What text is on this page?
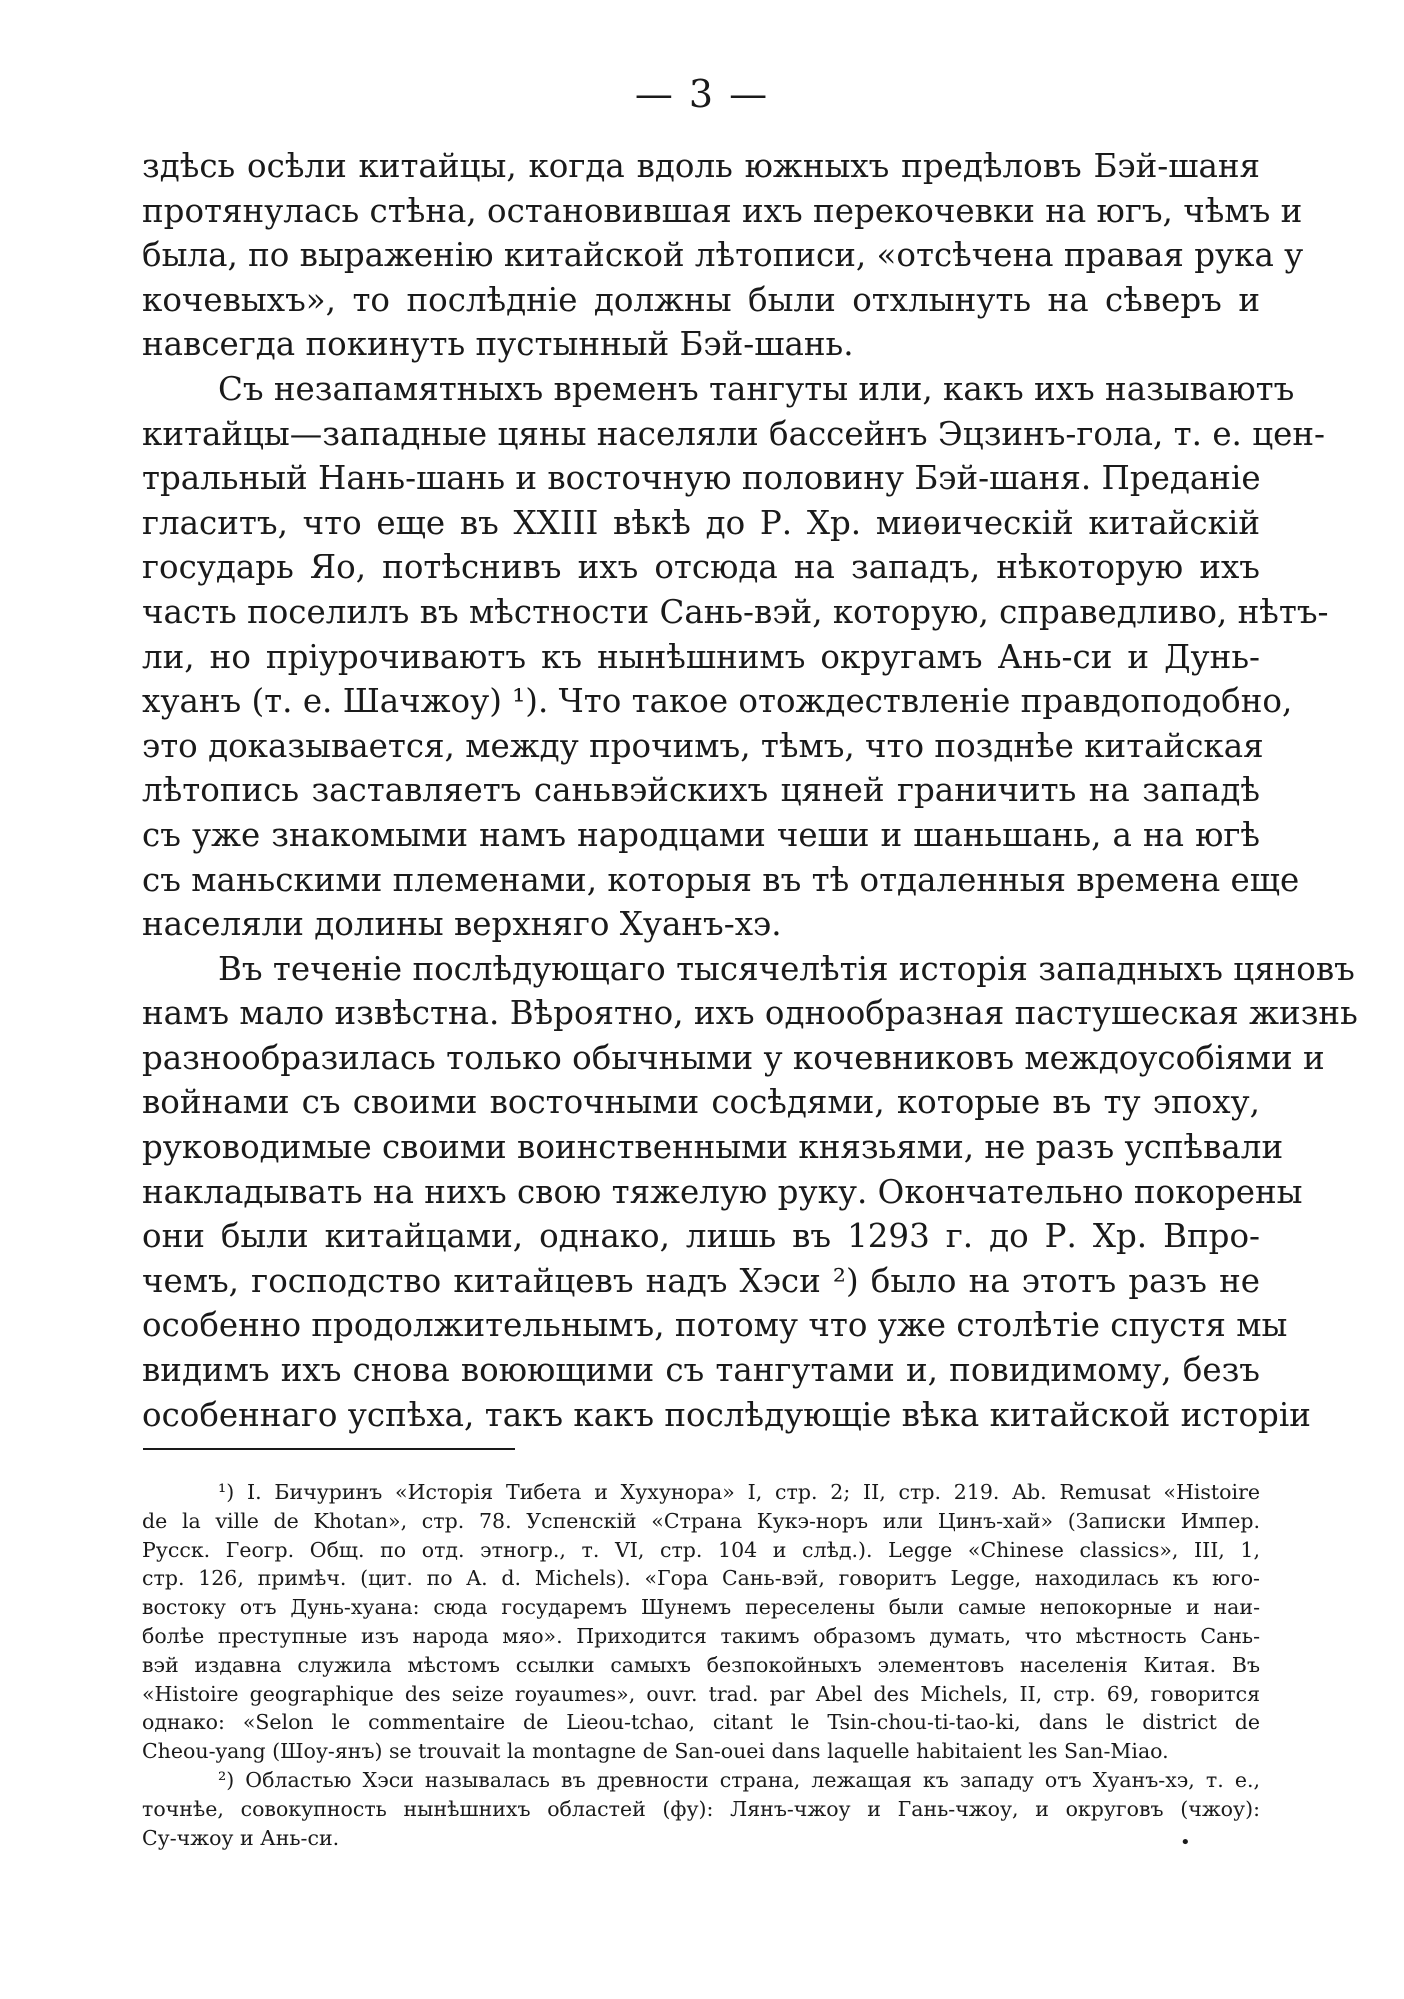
— 3 —
здѣсь осѣли китайцы, когда вдоль южныхъ предѣловъ Бэй-шаня
протянулась стѣна, остановившая ихъ перекочевки на югъ, чѣмъ и
была, по выраженію китайской лѣтописи, «отсѣчена правая рука у
кочевыхъ», то послѣдніе должны были отхлынуть на сѣверъ и
навсегда покинуть пустынный Бэй-шань.
Съ незапамятныхъ временъ тангуты или, какъ ихъ называютъ
китайцы—западные цяны населяли бассейнъ Эцзинъ-гола, т. е. цен-
тральный Нань-шань и восточную половину Бэй-шаня. Преданіе
гласитъ, что еще въ XXIII вѣкѣ до Р. Хр. миѳическій китайскій
государь Яо, потѣснивъ ихъ отсюда на западъ, нѣкоторую ихъ
часть поселилъ въ мѣстности Сань-вэй, которую, справедливо, нѣтъ-
ли, но пріурочиваютъ къ нынѣшнимъ округамъ Ань-си и Дунь-
хуанъ (т. е. Шачжоу) ¹). Что такое отождествленіе правдоподобно,
это доказывается, между прочимъ, тѣмъ, что позднѣе китайская
лѣтопись заставляетъ саньвэйскихъ цяней граничить на западѣ
съ уже знакомыми намъ народцами чеши и шаньшань, а на югѣ
съ маньскими племенами, которыя въ тѣ отдаленныя времена еще
населяли долины верхняго Хуанъ-хэ.
Въ теченіе послѣдующаго тысячелѣтія исторія западныхъ цяновъ
намъ мало извѣстна. Вѣроятно, ихъ однообразная пастушеская жизнь
разнообразилась только обычными у кочевниковъ междоусобіями и
войнами съ своими восточными сосѣдями, которые въ ту эпоху,
руководимые своими воинственными князьями, не разъ успѣвали
накладывать на нихъ свою тяжелую руку. Окончательно покорены
они были китайцами, однако, лишь въ 1293 г. до Р. Хр. Впро-
чемъ, господство китайцевъ надъ Хэси ²) было на этотъ разъ не
особенно продолжительнымъ, потому что уже столѣтіе спустя мы
видимъ ихъ снова воюющими съ тангутами и, повидимому, безъ
особеннаго успѣха, такъ какъ послѣдующіе вѣка китайской исторіи
¹) I. Бичуринъ «Исторія Тибета и Хухунора» I, стр. 2; II, стр. 219. Ab. Remusat «Histoire
de la ville de Khotan», стр. 78. Успенскій «Страна Кукэ-норъ или Цинъ-хай» (Записки Импер.
Русск. Геогр. Общ. по отд. этногр., т. VI, стр. 104 и слѣд.). Legge «Chinese classics», III, 1,
стр. 126, примѣч. (цит. по A. d. Michels). «Гора Сань-вэй, говоритъ Legge, находилась къ юго-
востоку отъ Дунь-хуана: сюда государемъ Шунемъ переселены были самые непокорные и наи-
болѣе преступные изъ народа мяо». Приходится такимъ образомъ думать, что мѣстность Сань-
вэй издавна служила мѣстомъ ссылки самыхъ безпокойныхъ элементовъ населенія Китая. Въ
«Histoire geographique des seize royaumes», ouvr. trad. par Abel des Michels, II, стр. 69, говорится
однако: «Selon le commentaire de Lieou-tchao, citant le Tsin-chou-ti-tao-ki, dans le district de
Cheou-yang (Шоу-янъ) se trouvait la montagne de San-ouei dans laquelle habitaient les San-Miao.
²) Областью Хэси называлась въ древности страна, лежащая къ западу отъ Хуанъ-хэ, т. е.,
точнѣе, совокупность нынѣшнихъ областей (фу): Лянъ-чжоу и Гань-чжоу, и округовъ (чжоу):
Су-чжоу и Ань-си.	•
